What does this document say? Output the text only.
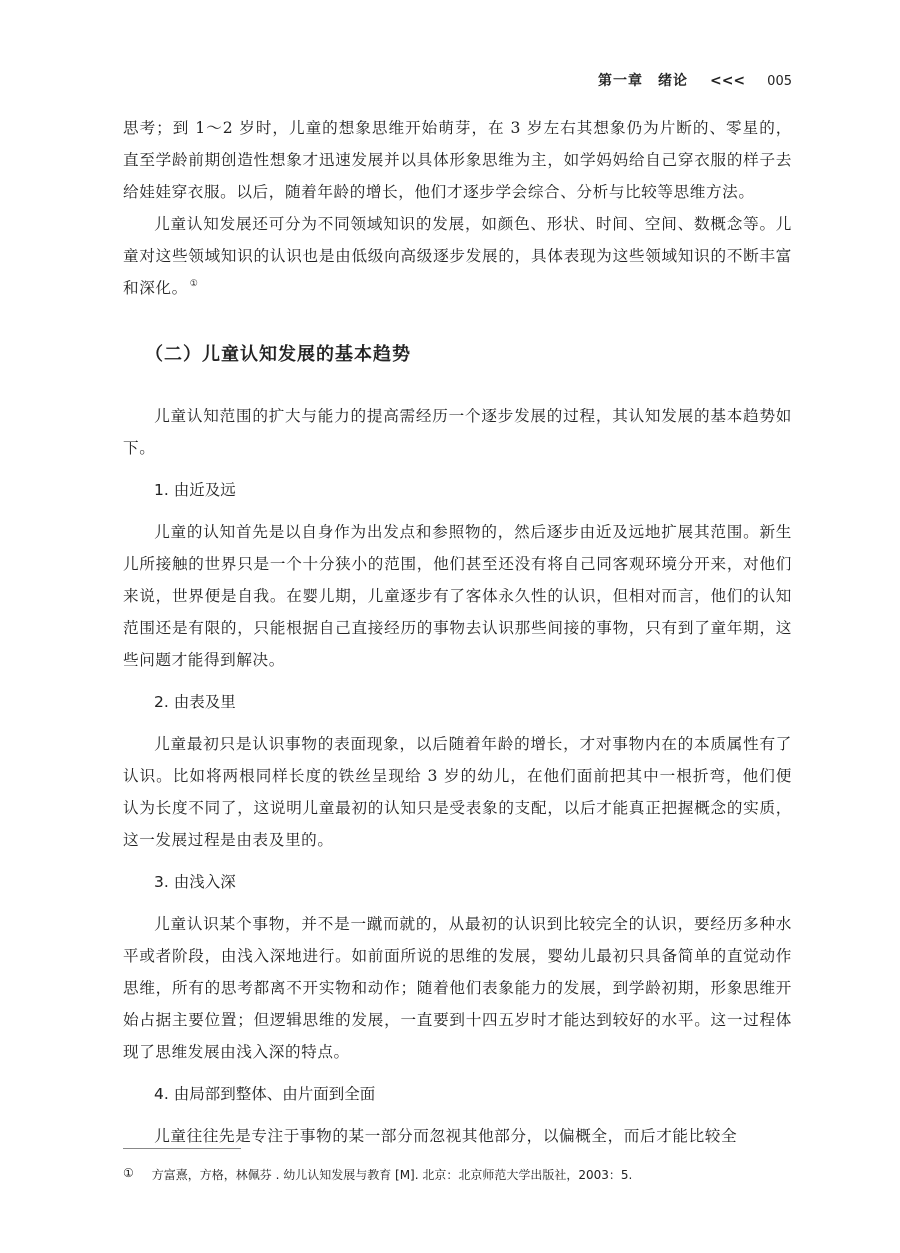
第一章　绪论 <<< 005

思考；到 1～2 岁时，儿童的想象思维开始萌芽，在 3 岁左右其想象仍为片断的、零星的，直至学龄前期创造性想象才迅速发展并以具体形象思维为主，如学妈妈给自己穿衣服的样子去给娃娃穿衣服。以后，随着年龄的增长，他们才逐步学会综合、分析与比较等思维方法。

儿童认知发展还可分为不同领域知识的发展，如颜色、形状、时间、空间、数概念等。儿童对这些领域知识的认识也是由低级向高级逐步发展的，具体表现为这些领域知识的不断丰富和深化。 ①

（二）儿童认知发展的基本趋势

儿童认知范围的扩大与能力的提高需经历一个逐步发展的过程，其认知发展的基本趋势如下。

1. 由近及远

儿童的认知首先是以自身作为出发点和参照物的，然后逐步由近及远地扩展其范围。新生儿所接触的世界只是一个十分狭小的范围，他们甚至还没有将自己同客观环境分开来，对他们来说，世界便是自我。在婴儿期，儿童逐步有了客体永久性的认识，但相对而言，他们的认知范围还是有限的，只能根据自己直接经历的事物去认识那些间接的事物，只有到了童年期，这些问题才能得到解决。

2. 由表及里

儿童最初只是认识事物的表面现象，以后随着年龄的增长，才对事物内在的本质属性有了认识。比如将两根同样长度的铁丝呈现给 3 岁的幼儿，在他们面前把其中一根折弯，他们便认为长度不同了，这说明儿童最初的认知只是受表象的支配，以后才能真正把握概念的实质，这一发展过程是由表及里的。

3. 由浅入深

儿童认识某个事物，并不是一蹴而就的，从最初的认识到比较完全的认识，要经历多种水平或者阶段，由浅入深地进行。如前面所说的思维的发展，婴幼儿最初只具备简单的直觉动作思维，所有的思考都离不开实物和动作；随着他们表象能力的发展，到学龄初期，形象思维开始占据主要位置；但逻辑思维的发展，一直要到十四五岁时才能达到较好的水平。这一过程体现了思维发展由浅入深的特点。

4. 由局部到整体、由片面到全面

儿童往往先是专注于事物的某一部分而忽视其他部分，以偏概全，而后才能比较全

① 方富熹，方格，林佩芬 . 幼儿认知发展与教育 [M]. 北京：北京师范大学出版社，2003：5.
